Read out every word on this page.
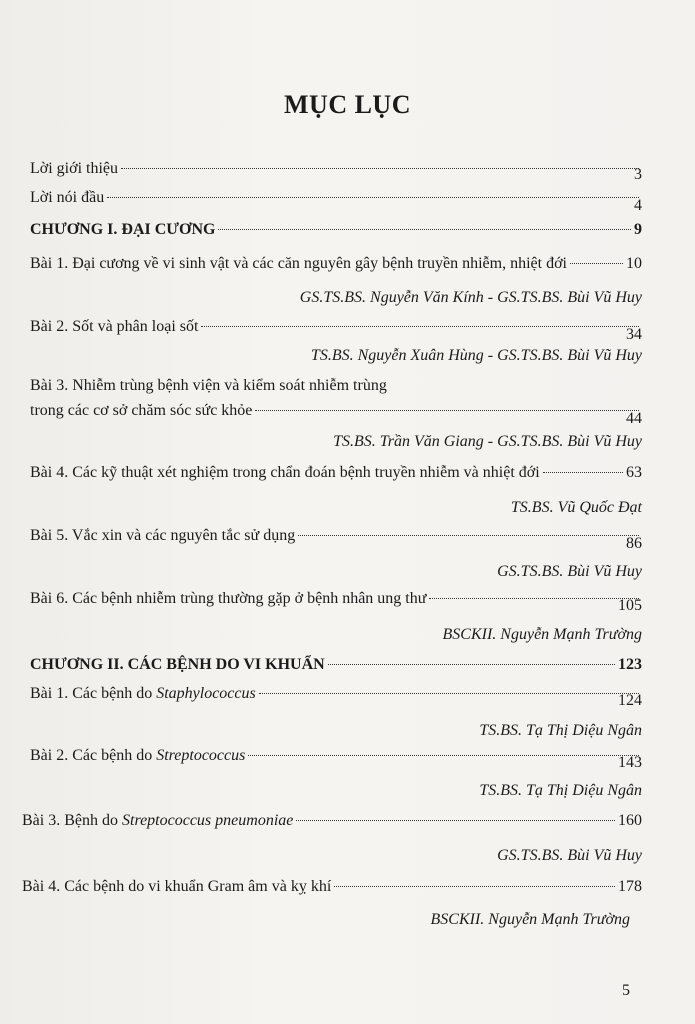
MỤC LỤC
Lời giới thiệu	3
Lời nói đầu	4
CHƯƠNG I. ĐẠI CƯƠNG	9
Bài 1. Đại cương về vi sinh vật và các căn nguyên gây bệnh truyền nhiễm, nhiệt đới	10
GS.TS.BS. Nguyễn Văn Kính - GS.TS.BS. Bùi Vũ Huy
Bài 2. Sốt và phân loại sốt	34
TS.BS. Nguyễn Xuân Hùng - GS.TS.BS. Bùi Vũ Huy
Bài 3. Nhiễm trùng bệnh viện và kiểm soát nhiễm trùng
trong các cơ sở chăm sóc sức khỏe	44
TS.BS. Trần Văn Giang - GS.TS.BS. Bùi Vũ Huy
Bài 4. Các kỹ thuật xét nghiệm trong chẩn đoán bệnh truyền nhiễm và nhiệt đới	63
TS.BS. Vũ Quốc Đạt
Bài 5. Vắc xin và các nguyên tắc sử dụng	86
GS.TS.BS. Bùi Vũ Huy
Bài 6. Các bệnh nhiễm trùng thường gặp ở bệnh nhân ung thư	105
BSCKII. Nguyễn Mạnh Trường
CHƯƠNG II. CÁC BỆNH DO VI KHUẨN	123
Bài 1. Các bệnh do Staphylococcus	124
TS.BS. Tạ Thị Diệu Ngân
Bài 2. Các bệnh do Streptococcus	143
TS.BS. Tạ Thị Diệu Ngân
Bài 3. Bệnh do Streptococcus pneumoniae	160
GS.TS.BS. Bùi Vũ Huy
Bài 4. Các bệnh do vi khuẩn Gram âm và kỵ khí	178
BSCKII. Nguyễn Mạnh Trường
5
